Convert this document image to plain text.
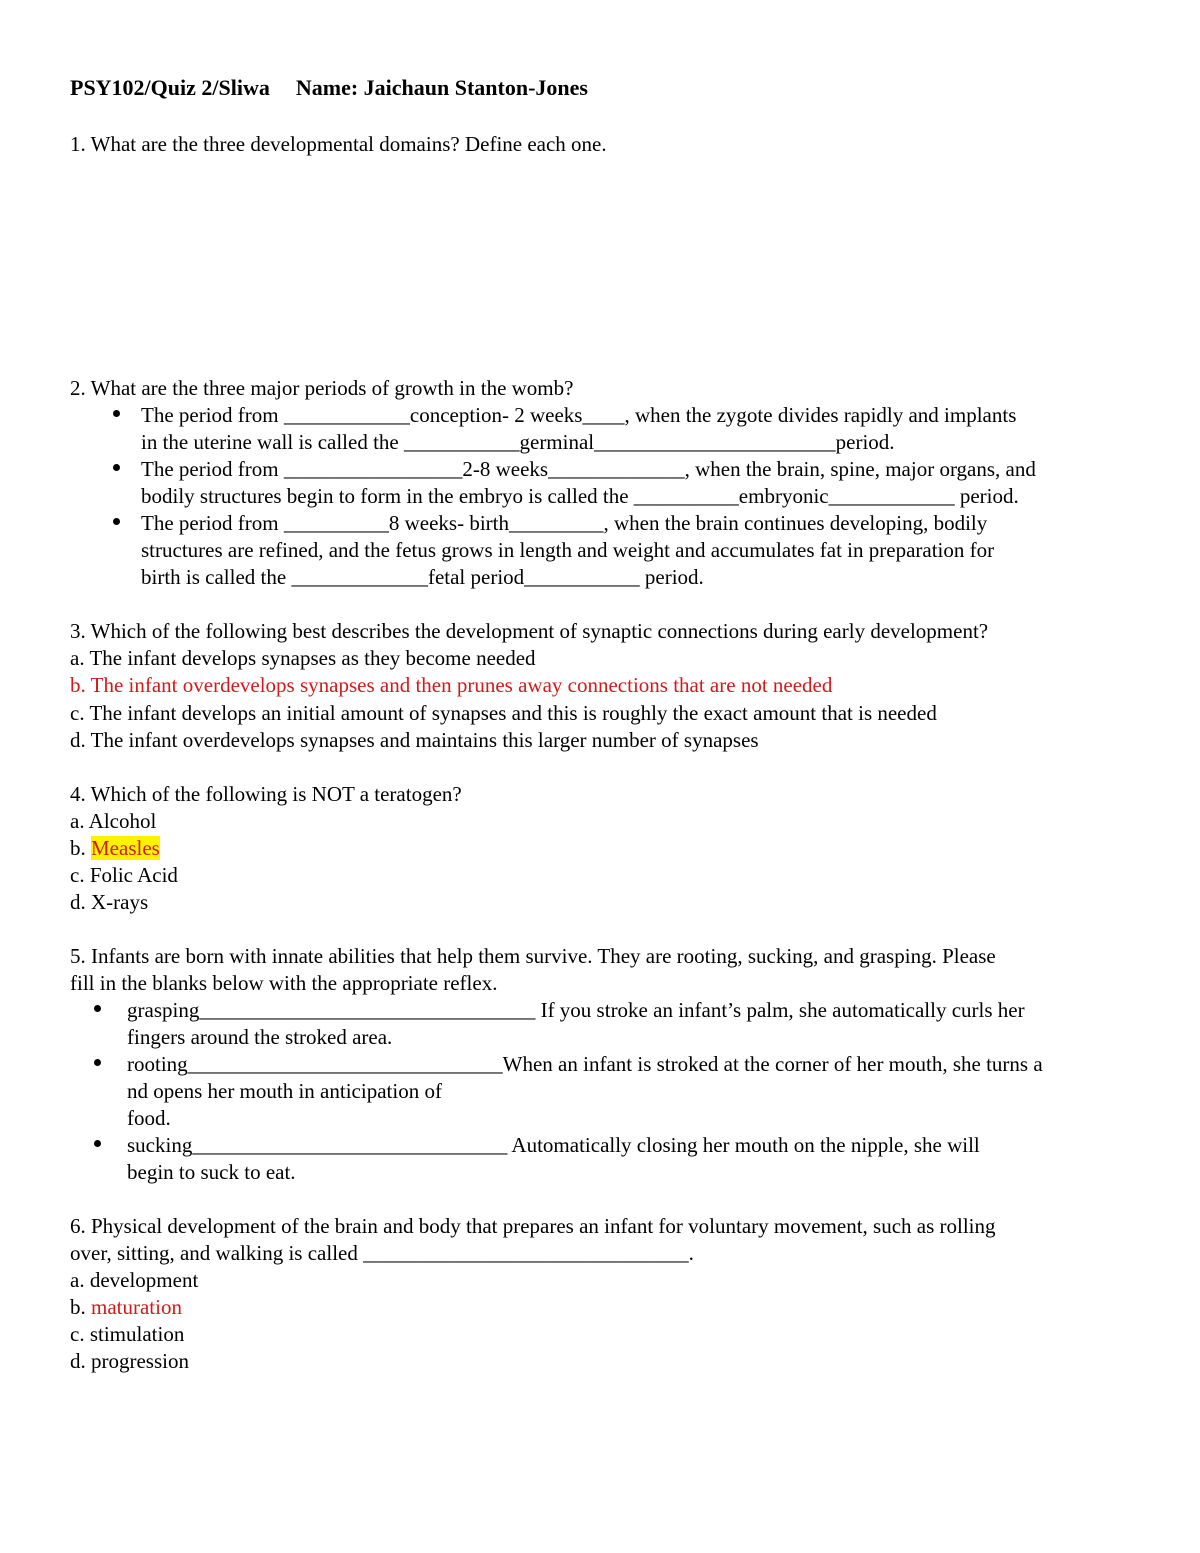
PSY102/Quiz 2/Sliwa Name: Jaichaun Stanton-Jones
1. What are the three developmental domains? Define each one.
2. What are the three major periods of growth in the womb?
The period from ____________conception- 2 weeks____, when the zygote divides rapidly and implants
in the uterine wall is called the ___________germinal_______________________period.
The period from _________________2-8 weeks_____________, when the brain, spine, major organs, and
bodily structures begin to form in the embryo is called the __________embryonic____________ period.
The period from __________8 weeks- birth_________, when the brain continues developing, bodily
structures are refined, and the fetus grows in length and weight and accumulates fat in preparation for
birth is called the _____________fetal period___________ period.
3. Which of the following best describes the development of synaptic connections during early development?
a. The infant develops synapses as they become needed
b. The infant overdevelops synapses and then prunes away connections that are not needed
c. The infant develops an initial amount of synapses and this is roughly the exact amount that is needed
d. The infant overdevelops synapses and maintains this larger number of synapses
4. Which of the following is NOT a teratogen?
a. Alcohol
b. Measles
c. Folic Acid
d. X-rays
5. Infants are born with innate abilities that help them survive. They are rooting, sucking, and grasping. Please
fill in the blanks below with the appropriate reflex.
grasping________________________________ If you stroke an infant’s palm, she automatically curls her
fingers around the stroked area.
rooting______________________________When an infant is stroked at the corner of her mouth, she turns a
nd opens her mouth in anticipation of
food.
sucking______________________________ Automatically closing her mouth on the nipple, she will
begin to suck to eat.
6. Physical development of the brain and body that prepares an infant for voluntary movement, such as rolling
over, sitting, and walking is called _______________________________.
a. development
b. maturation
c. stimulation
d. progression
